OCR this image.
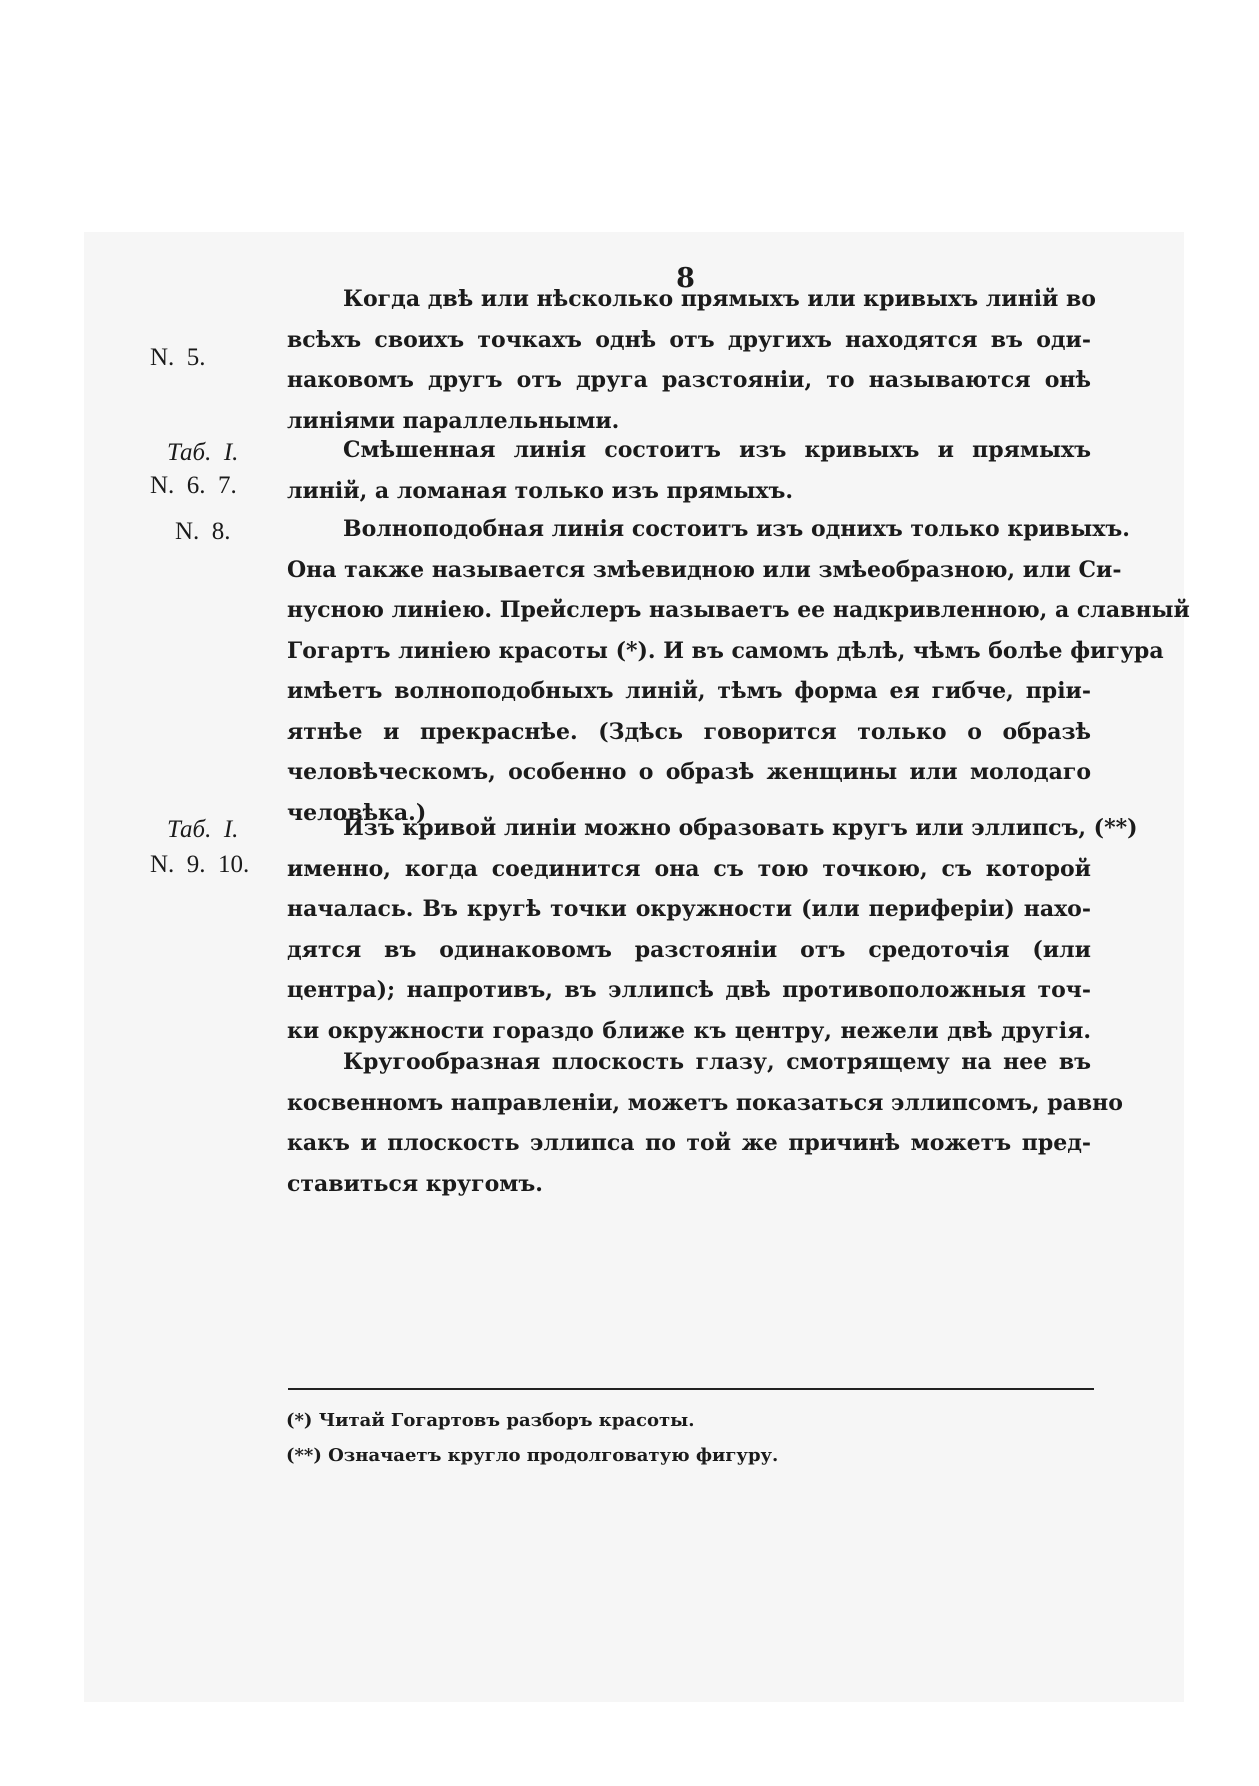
8
N.  5.
Таб.  I.
N.  6.  7.
N.  8.
Таб.  I.
N.  9.  10.
Когда двѣ или нѣсколько прямыхъ или кривыхъ линій во
всѣхъ своихъ точкахъ однѣ отъ другихъ находятся въ оди-
наковомъ другъ отъ друга разстояніи, то называются онѣ
линіями параллельными.
Смѣшенная линія состоитъ изъ кривыхъ и прямыхъ
линій, а ломаная только изъ прямыхъ.
Волноподобная линія состоитъ изъ одниxъ только кривыхъ.
Она также называется змѣевидною или змѣеобразною, или Си-
нусною линіею. Прейслеръ называетъ ее надкривленною, а славный
Гогартъ линіею красоты (*). И въ самомъ дѣлѣ, чѣмъ болѣе фигура
имѣетъ волноподобныхъ линій, тѣмъ форма ея гибче, пріи-
ятнѣе и прекраснѣе. (Здѣсь говорится только о образѣ
человѣческомъ, особенно о образѣ женщины или молодаго
человѣка.)
Изъ кривой линіи можно образовать кругъ или эллипсъ, (**)
именно, когда соединится она съ тою точкою, съ которой
началась. Въ кругѣ точки окружности (или периферіи) нахо-
дятся въ одинаковомъ разстояніи отъ средоточія (или
центра); напротивъ, въ эллипсѣ двѣ противоположныя точ-
ки окружности гораздо ближе къ центру, нежели двѣ другія.
Кругообразная плоскость глазу, смотрящему на нее въ
косвенномъ направленіи, можетъ показаться эллипсомъ, равно
какъ и плоскость эллипса по той же причинѣ можетъ пред-
ставиться кругомъ.
(*) Читай Гогартовъ разборъ красоты.
(**) Означаетъ кругло продолговатую фигуру.
